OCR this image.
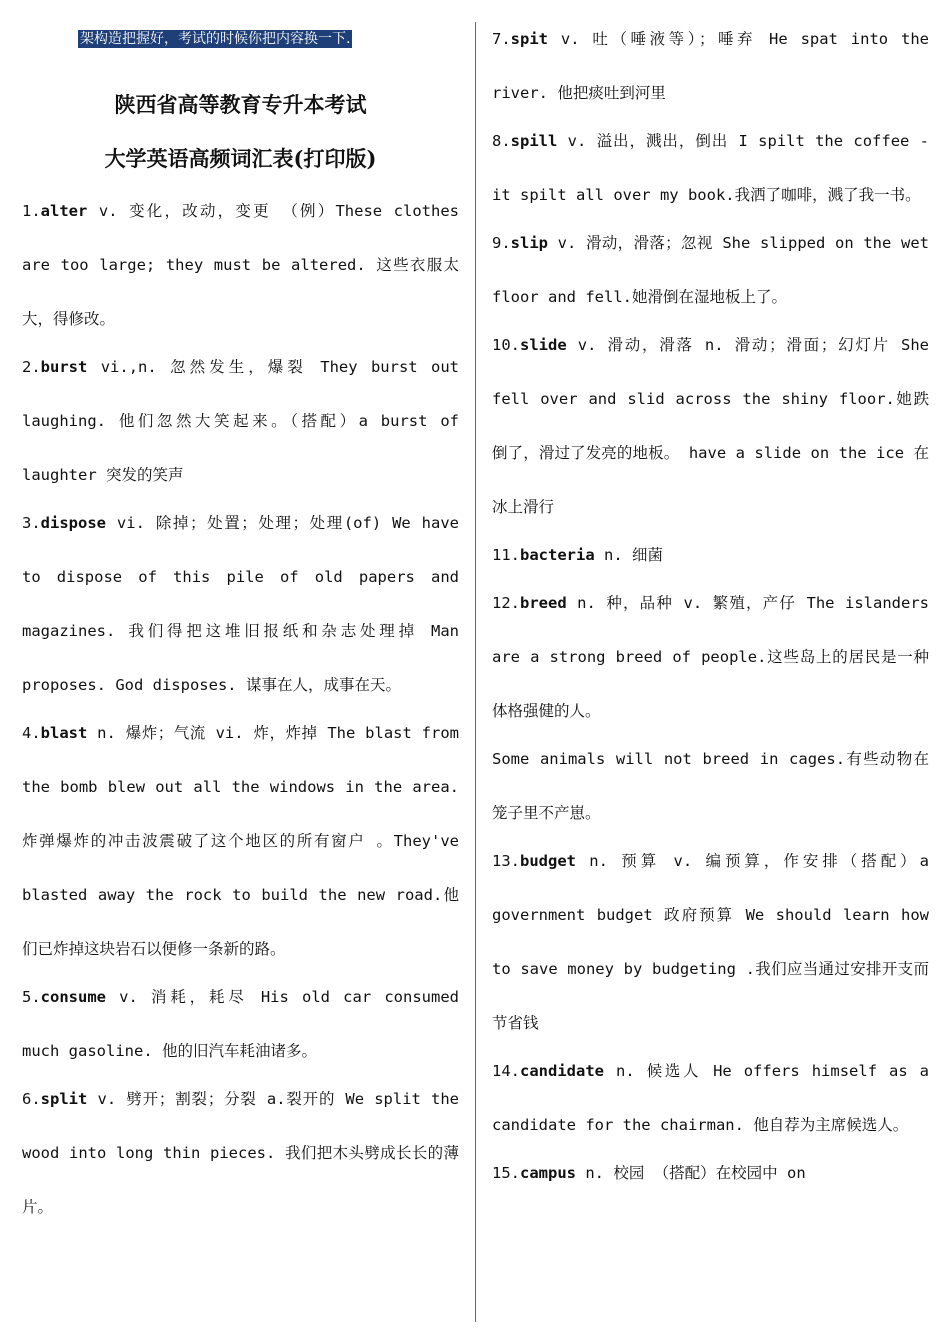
架构造把握好，考试的时候你把内容换一下.
陕西省高等教育专升本考试
大学英语高频词汇表(打印版)

1.alter v. 变化，改动，变更 （例）These clothes are too large; they must be altered. 这些衣服太大，得修改。

2.burst vi.,n. 忽然发生，爆裂 They burst out laughing. 他们忽然大笑起来。（搭配）a burst of laughter 突发的笑声

3.dispose vi. 除掉；处置；处理；处理(of) We have to dispose of this pile of old papers and magazines. 我们得把这堆旧报纸和杂志处理掉 Man proposes. God disposes. 谋事在人，成事在天。

4.blast n. 爆炸；气流 vi. 炸，炸掉 The blast from the bomb blew out all the windows in the area. 炸弹爆炸的冲击波震破了这个地区的所有窗户 。They've blasted away the rock to build the new road.他们已炸掉这块岩石以便修一条新的路。

5.consume v. 消耗，耗尽 His old car consumed much gasoline. 他的旧汽车耗油诸多。

6.split v. 劈开；割裂；分裂 a.裂开的 We split the wood into long thin pieces. 我们把木头劈成长长的薄片。

7.spit v. 吐（唾液等）；唾弃 He spat into the river. 他把痰吐到河里

8.spill v. 溢出，溅出，倒出 I spilt the coffee - it spilt all over my book.我洒了咖啡，溅了我一书。

9.slip v. 滑动，滑落；忽视 She slipped on the wet floor and fell.她滑倒在湿地板上了。

10.slide v. 滑动，滑落 n. 滑动；滑面；幻灯片 She fell over and slid across the shiny floor.她跌倒了，滑过了发亮的地板。 have a slide on the ice 在冰上滑行

11.bacteria n. 细菌

12.breed n. 种，品种 v. 繁殖，产仔 The islanders are a strong breed of people.这些岛上的居民是一种体格强健的人。

Some animals will not breed in cages.有些动物在笼子里不产崽。

13.budget n. 预算 v. 编预算，作安排（搭配）a government budget 政府预算 We should learn how to save money by budgeting .我们应当通过安排开支而节省钱

14.candidate n. 候选人 He offers himself as a candidate for the chairman. 他自荐为主席候选人。

15.campus n. 校园 （搭配）在校园中 on
